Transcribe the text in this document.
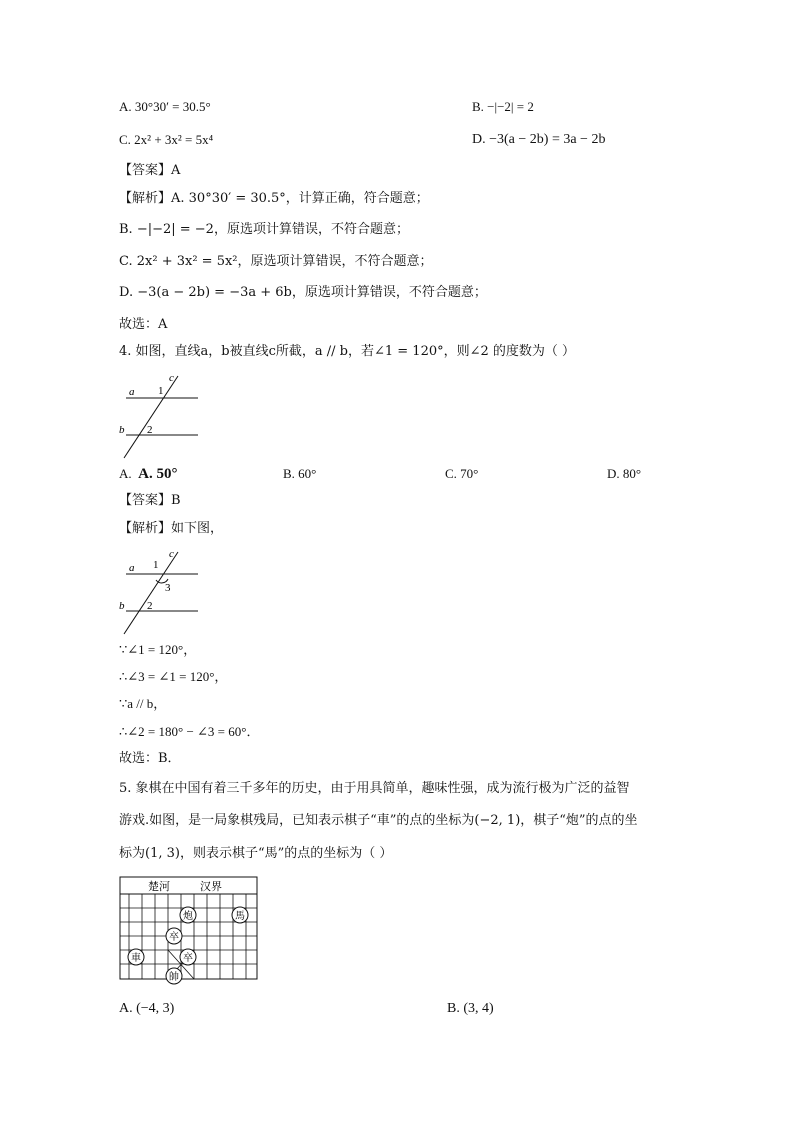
A. 30°30′ = 30.5°	B. −|−2| = 2
C. 2x² + 3x² = 5x⁴	D. −3(a − 2b) = 3a − 2b
【答案】A
【解析】A. 30°30′ = 30.5°，计算正确，符合题意；
B. −|−2| = −2，原选项计算错误，不符合题意；
C. 2x² + 3x² = 5x²，原选项计算错误，不符合题意；
D. −3(a − 2b) = −3a + 6b，原选项计算错误，不符合题意；
故选：A
4. 如图，直线a，b被直线c所截，a // b，若∠1 = 120°，则∠2 的度数为（ ）
a
b
c
1
2
A.  A. 50°	B. 60°	C. 70°	D. 80°
【答案】B
【解析】如下图，
a
b
c
1
2
3
∵∠1 = 120°，
∴∠3 = ∠1 = 120°，
∵a // b，
∴∠2 = 180° − ∠3 = 60°．
故选：B．
5. 象棋在中国有着三千多年的历史，由于用具简单，趣味性强，成为流行极为广泛的益智
游戏.如图，是一局象棋残局，已知表示棋子“車”的点的坐标为(−2, 1)，棋子“炮”的点的坐
标为(1, 3)，则表示棋子“馬”的点的坐标为（ ）
楚河	汉界
炮	馬
卒
車	卒
帥
A. (−4, 3)	B. (3, 4)
